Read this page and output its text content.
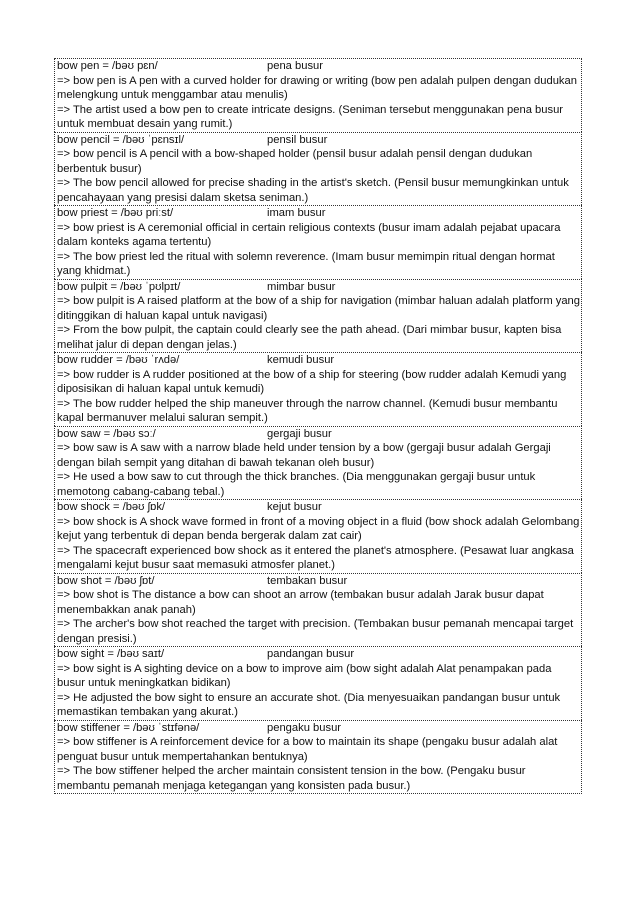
bow pen = /bəʊ pɛn/	pena busur
=> bow pen is A pen with a curved holder for drawing or writing (bow pen adalah pulpen dengan dudukan melengkung untuk menggambar atau menulis)
=> The artist used a bow pen to create intricate designs. (Seniman tersebut menggunakan pena busur untuk membuat desain yang rumit.)
bow pencil = /bəʊ ˈpɛnsɪl/	pensil busur
=> bow pencil is A pencil with a bow-shaped holder (pensil busur adalah pensil dengan dudukan berbentuk busur)
=> The bow pencil allowed for precise shading in the artist's sketch. (Pensil busur memungkinkan untuk pencahayaan yang presisi dalam sketsa seniman.)
bow priest = /bəʊ priːst/	imam busur
=> bow priest is A ceremonial official in certain religious contexts (busur imam adalah pejabat upacara dalam konteks agama tertentu)
=> The bow priest led the ritual with solemn reverence. (Imam busur memimpin ritual dengan hormat yang khidmat.)
bow pulpit = /bəʊ ˈpʊlpɪt/	mimbar busur
=> bow pulpit is A raised platform at the bow of a ship for navigation (mimbar haluan adalah platform yang ditinggikan di haluan kapal untuk navigasi)
=> From the bow pulpit, the captain could clearly see the path ahead. (Dari mimbar busur, kapten bisa melihat jalur di depan dengan jelas.)
bow rudder = /bəʊ ˈrʌdə/	kemudi busur
=> bow rudder is A rudder positioned at the bow of a ship for steering (bow rudder adalah Kemudi yang diposisikan di haluan kapal untuk kemudi)
=> The bow rudder helped the ship maneuver through the narrow channel. (Kemudi busur membantu kapal bermanuver melalui saluran sempit.)
bow saw = /bəʊ sɔː/	gergaji busur
=> bow saw is A saw with a narrow blade held under tension by a bow (gergaji busur adalah Gergaji dengan bilah sempit yang ditahan di bawah tekanan oleh busur)
=> He used a bow saw to cut through the thick branches. (Dia menggunakan gergaji busur untuk memotong cabang-cabang tebal.)
bow shock = /bəʊ ʃɒk/	kejut busur
=> bow shock is A shock wave formed in front of a moving object in a fluid (bow shock adalah Gelombang kejut yang terbentuk di depan benda bergerak dalam zat cair)
=> The spacecraft experienced bow shock as it entered the planet's atmosphere. (Pesawat luar angkasa mengalami kejut busur saat memasuki atmosfer planet.)
bow shot = /bəʊ ʃɒt/	tembakan busur
=> bow shot is The distance a bow can shoot an arrow (tembakan busur adalah Jarak busur dapat menembakkan anak panah)
=> The archer's bow shot reached the target with precision. (Tembakan busur pemanah mencapai target dengan presisi.)
bow sight = /bəʊ saɪt/	pandangan busur
=> bow sight is A sighting device on a bow to improve aim (bow sight adalah Alat penampakan pada busur untuk meningkatkan bidikan)
=> He adjusted the bow sight to ensure an accurate shot. (Dia menyesuaikan pandangan busur untuk memastikan tembakan yang akurat.)
bow stiffener = /bəʊ ˈstɪfənə/	pengaku busur
=> bow stiffener is A reinforcement device for a bow to maintain its shape (pengaku busur adalah alat penguat busur untuk mempertahankan bentuknya)
=> The bow stiffener helped the archer maintain consistent tension in the bow. (Pengaku busur membantu pemanah menjaga ketegangan yang konsisten pada busur.)
